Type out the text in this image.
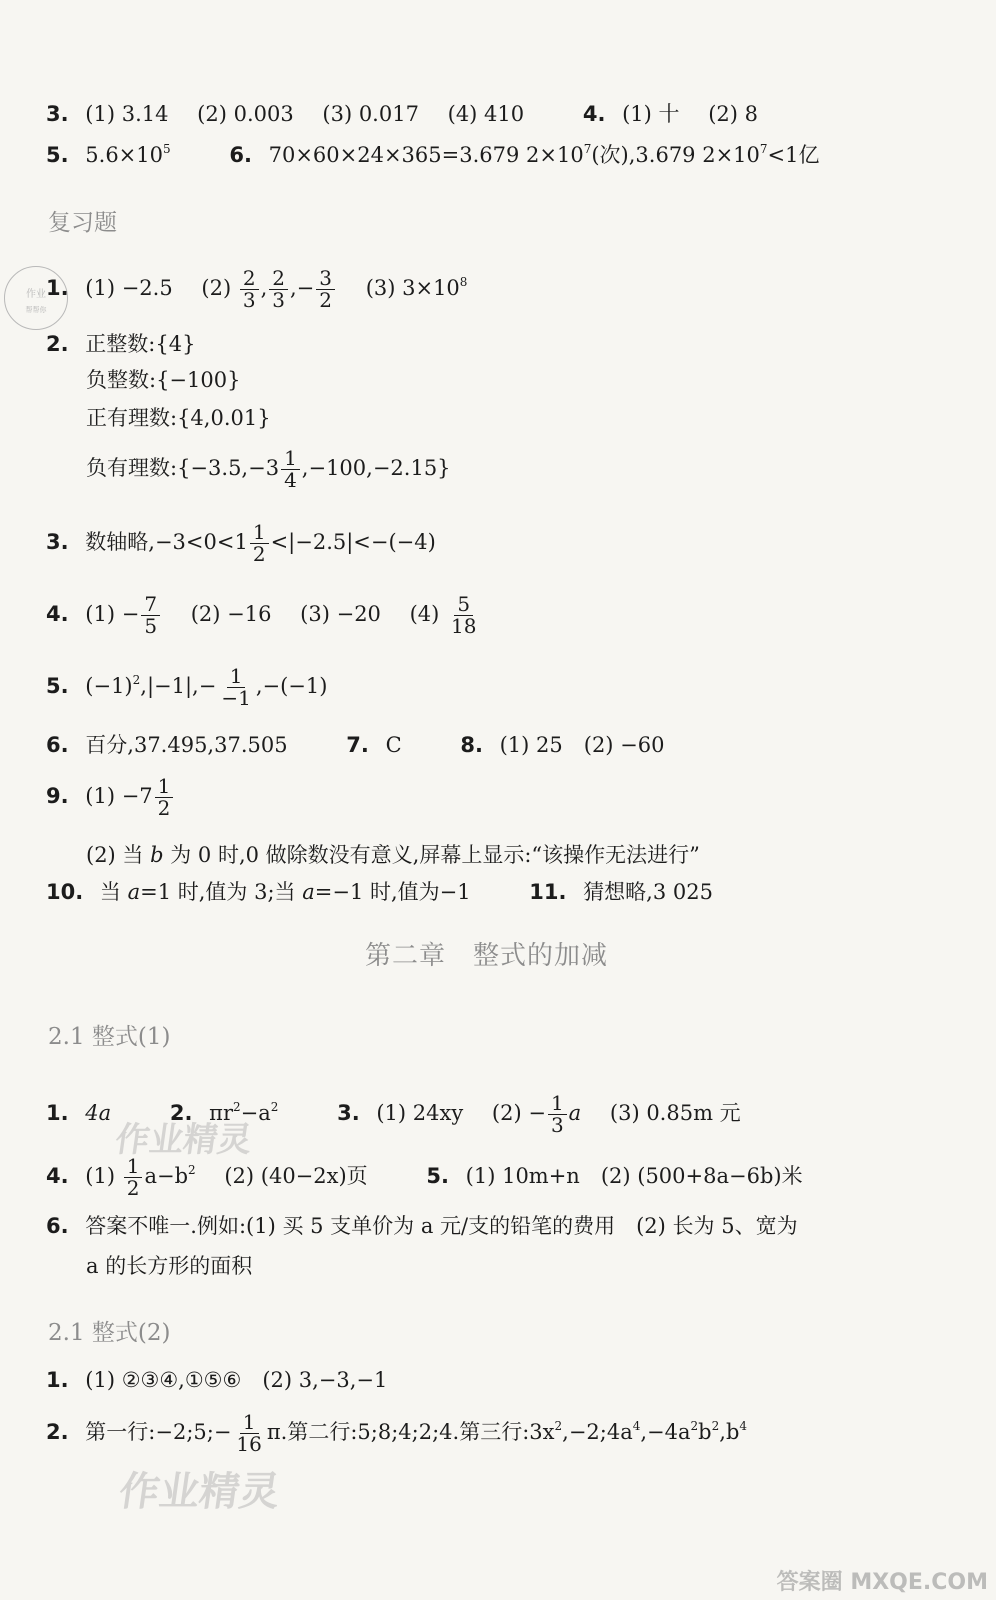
3. (1) 3.14 (2) 0.003 (3) 0.017 (4) 410	4. (1) 十 (2) 8
5. $5.6\times 10^5$	6. 70×60×24×365=3.679 $2\times 10^7$(次),3.679 $2\times 10^7<1$亿
复习题
作业
帮帮你
1. (1) −2.5 $(2) \frac{2}{3}$ , $\frac{2}{3}$ ,− $\frac{3}{2} (3)$ $3\times 10^8$
2. 正整数:{4}
负整数:{−100}
正有理数:{4,0.01}
负有理数:{−3.5,−3 $\frac{1}{4} ,-100,-2.15$}
3. 数轴略$,-3<0<1 \frac{1}{2} <|-2.5|<-(-4)$
4. $(1) - \frac{7}{5} (2) -16$ (3) −20 $(4) \frac{5}{18}$
5. $(-1)^2,|-1|,- \frac{1}{-1} ,-(-1)$
6. 百分,37.495,37.505	7. C	8. (1) 25　(2) −60
9. $(1) -7 \frac{1}{2}$
(2) 当 b 为 0 时,0 做除数没有意义,屏幕上显示:“该操作无法进行”
10. 当 a=1 时,值为 3;当 a=−1 时,值为−1	11. 猜想略,3 025
第二章　整式的加减
2.1 整式(1)
1. 4a	2. $\pi r^2-a^2$	3. (1) 24xy $(2) - \frac{1}{3}$ a (3) 0.85m 元
作业精灵
4. $(1) \frac{1}{2} a-b^2$ (2) (40−2x)页	5. (1) 10m+n　(2) (500+8a−6b)米
6. 答案不唯一.例如:(1) 买 5 支单价为 a 元/支的铅笔的费用　(2) 长为 5、宽为
a 的长方形的面积
2.1 整式(2)
1. (1) ②③④,①⑤⑥　(2) 3,−3,−1
2. 第一行:−2;5;− $\frac{1}{16} \pi$.第二行:5;8;4;2;4.第三行$:3x^2,-2;4a^4,-4a^2b^2,b^4$
作业精灵
答案圈 MXQE.COM
